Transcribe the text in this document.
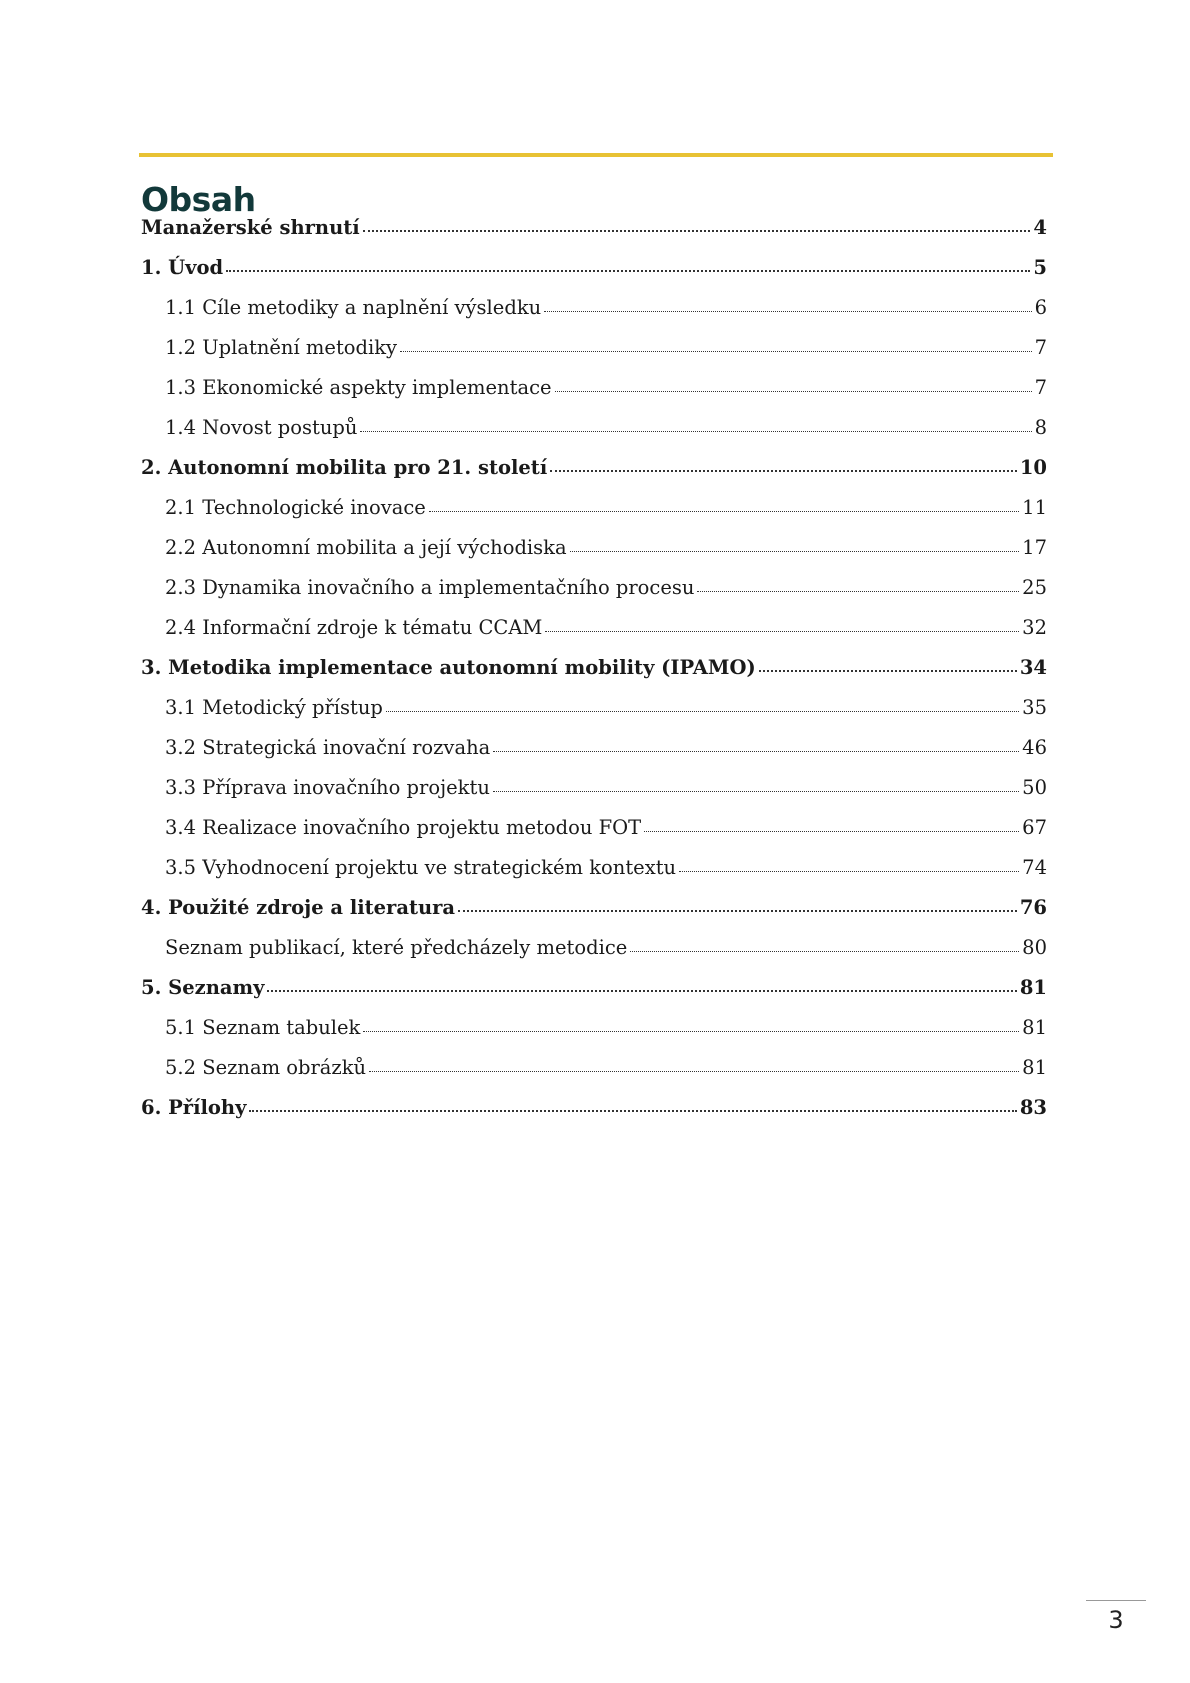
Obsah
Manažerské shrnutí	4
1. Úvod	5
1.1 Cíle metodiky a naplnění výsledku	6
1.2 Uplatnění metodiky	7
1.3 Ekonomické aspekty implementace	7
1.4 Novost postupů	8
2. Autonomní mobilita pro 21. století	10
2.1 Technologické inovace	11
2.2 Autonomní mobilita a její východiska	17
2.3 Dynamika inovačního a implementačního procesu	25
2.4 Informační zdroje k tématu CCAM	32
3. Metodika implementace autonomní mobility (IPAMO)	34
3.1 Metodický přístup	35
3.2 Strategická inovační rozvaha	46
3.3 Příprava inovačního projektu	50
3.4 Realizace inovačního projektu metodou FOT	67
3.5 Vyhodnocení projektu ve strategickém kontextu	74
4. Použité zdroje a literatura	76
Seznam publikací, které předcházely metodice	80
5. Seznamy	81
5.1 Seznam tabulek	81
5.2 Seznam obrázků	81
6. Přílohy	83
3
